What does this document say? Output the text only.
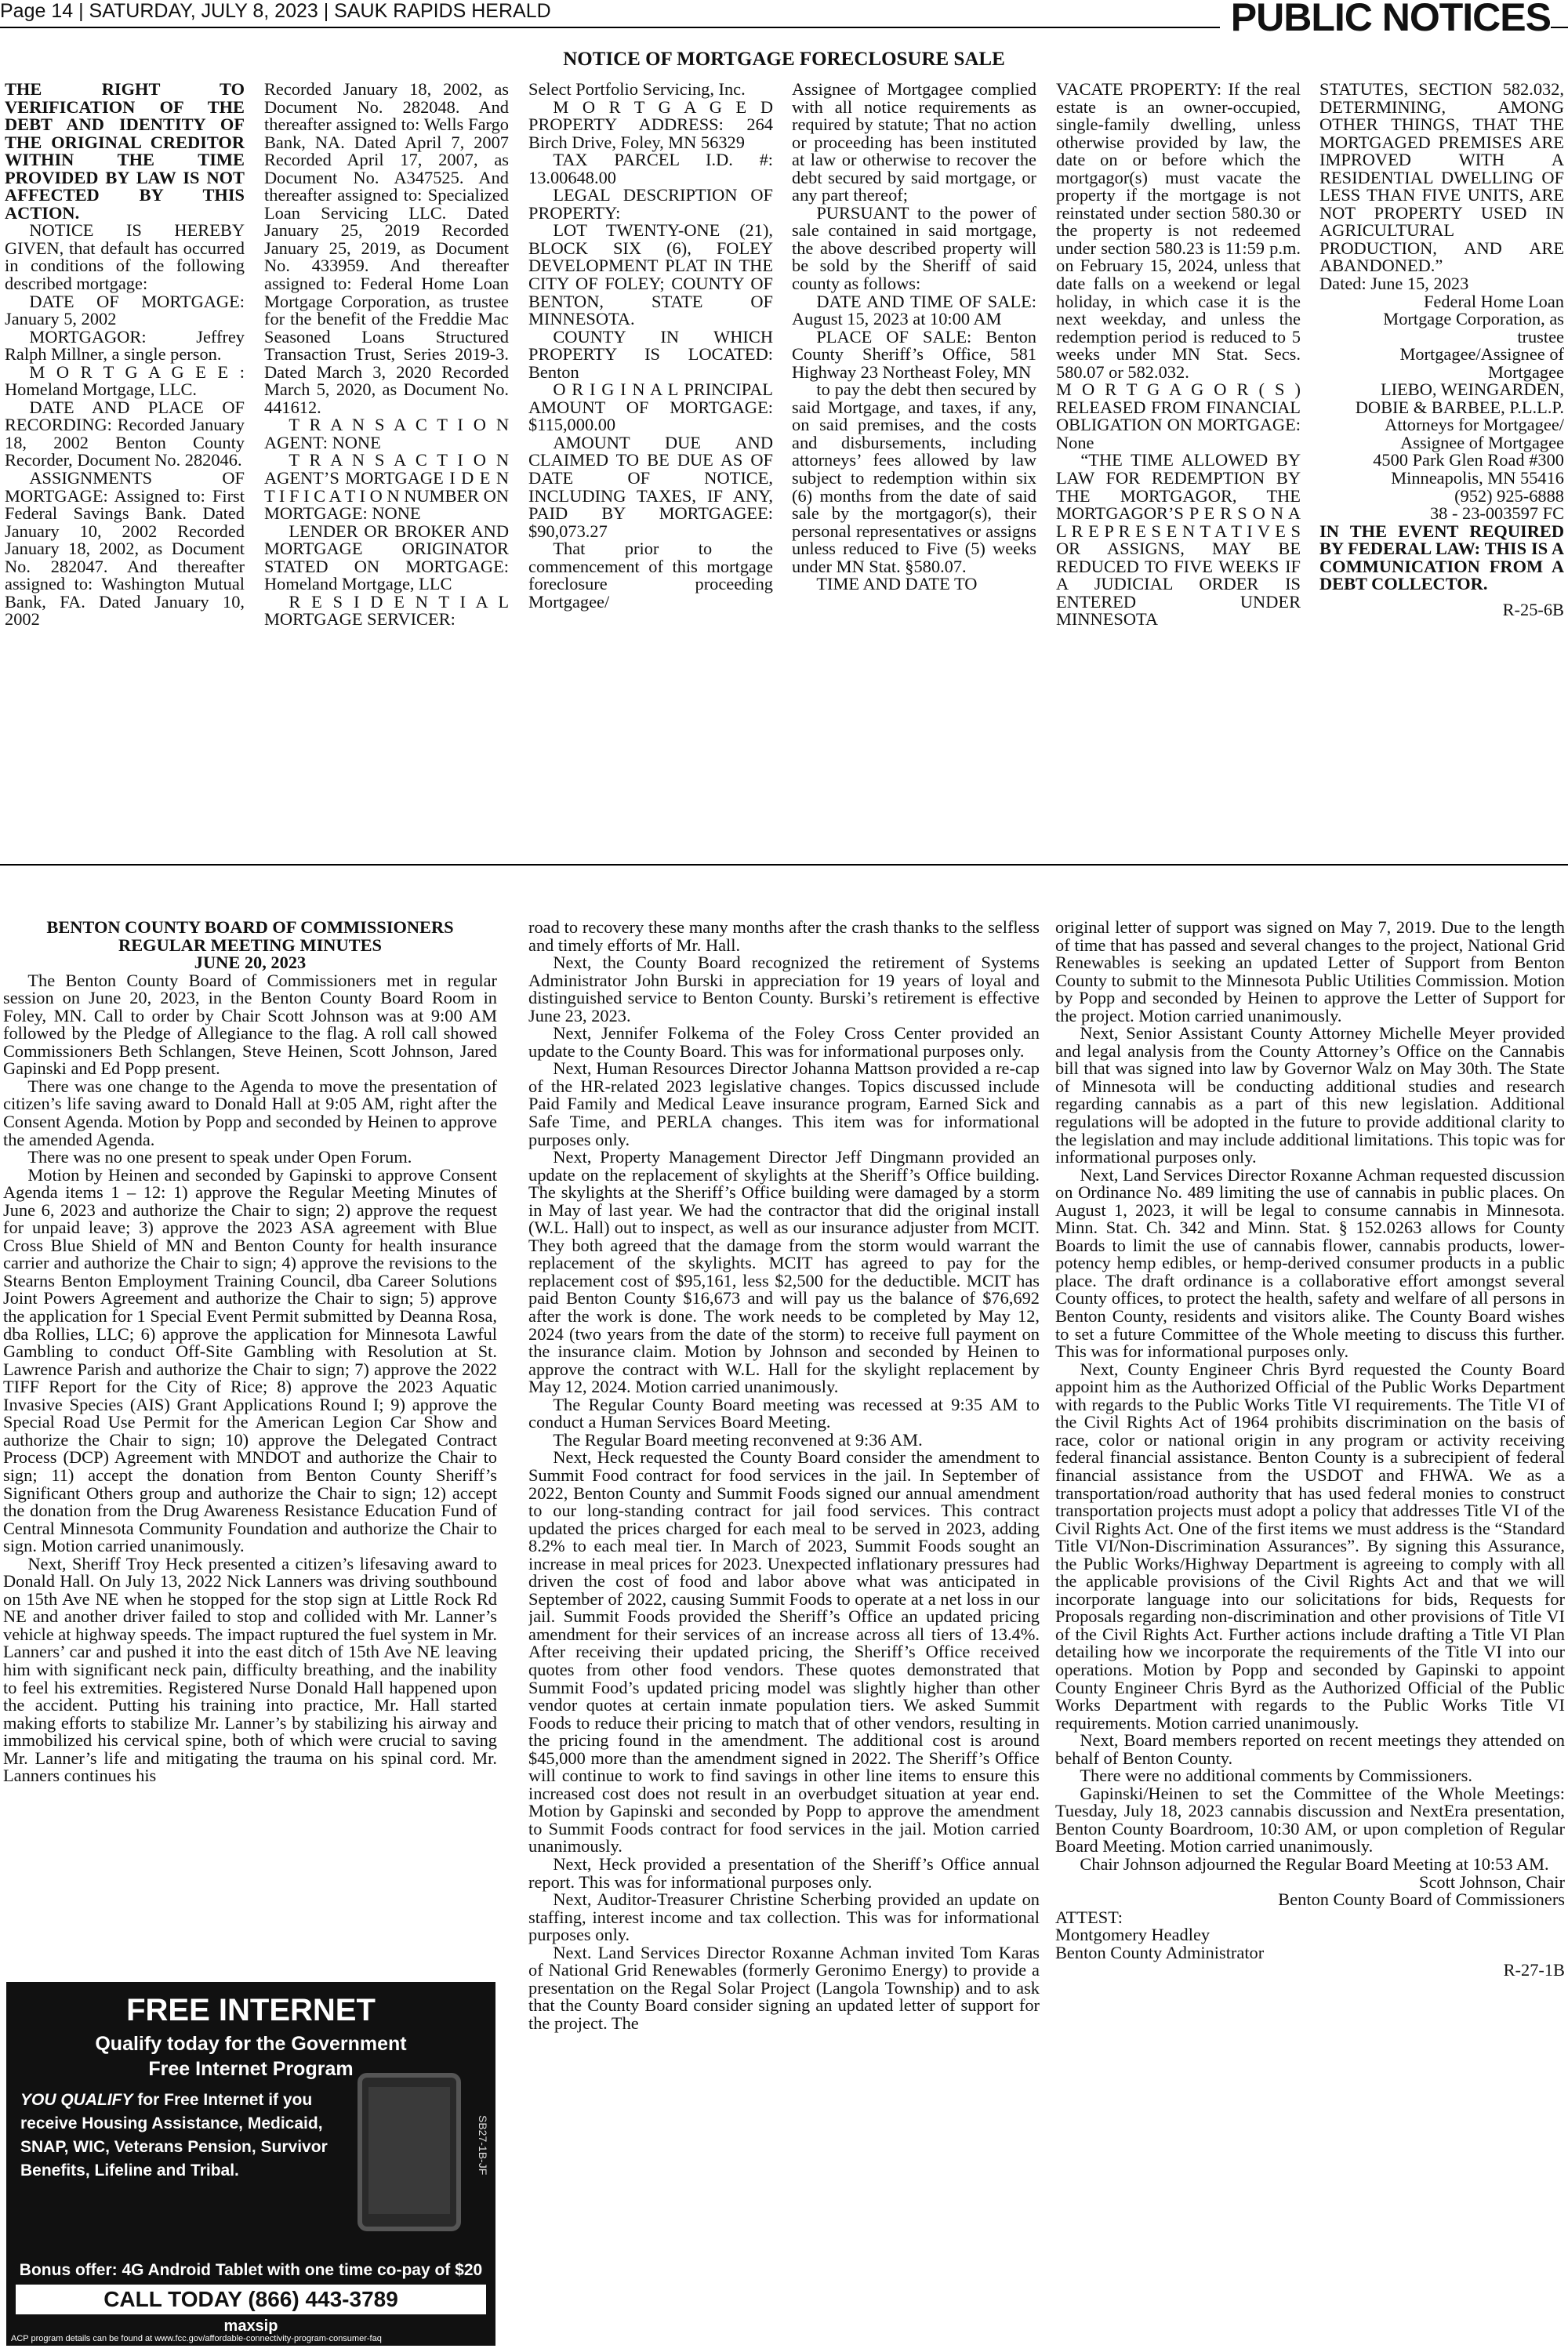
Page 14 | SATURDAY, JULY 8, 2023 | SAUK RAPIDS HERALD	PUBLIC NOTICES
NOTICE OF MORTGAGE FORECLOSURE SALE

THE RIGHT TO VERIFICATION OF THE DEBT AND IDENTITY OF THE ORIGINAL CREDITOR WITHIN THE TIME PROVIDED BY LAW IS NOT AFFECTED BY THIS ACTION.

NOTICE IS HEREBY GIVEN, that default has occurred in conditions of the following described mortgage:

DATE OF MORTGAGE: January 5, 2002

MORTGAGOR: Jeffrey Ralph Millner, a single person.

M O R T G A G E E : Homeland Mortgage, LLC.

DATE AND PLACE OF RECORDING: Recorded January 18, 2002 Benton County Recorder, Document No. 282046.

ASSIGNMENTS OF MORTGAGE: Assigned to: First Federal Savings Bank. Dated January 10, 2002 Recorded January 18, 2002, as Document No. 282047. And thereafter assigned to: Washington Mutual Bank, FA. Dated January 10, 2002

Recorded January 18, 2002, as Document No. 282048. And thereafter assigned to: Wells Fargo Bank, NA. Dated April 7, 2007 Recorded April 17, 2007, as Document No. A347525. And thereafter assigned to: Specialized Loan Servicing LLC. Dated January 25, 2019 Recorded January 25, 2019, as Document No. 433959. And thereafter assigned to: Federal Home Loan Mortgage Corporation, as trustee for the benefit of the Freddie Mac Seasoned Loans Structured Transaction Trust, Series 2019-3. Dated March 3, 2020 Recorded March 5, 2020, as Document No. 441612.

T R A N S A C T I O N AGENT: NONE

T R A N S A C T I O N AGENT’S MORTGAGE I D E N T I F I C A T I O N NUMBER ON MORTGAGE: NONE

LENDER OR BROKER AND MORTGAGE ORIGINATOR STATED ON MORTGAGE: Homeland Mortgage, LLC

R E S I D E N T I A L MORTGAGE SERVICER:

Select Portfolio Servicing, Inc.

M O R T G A G E D PROPERTY ADDRESS: 264 Birch Drive, Foley, MN 56329

TAX PARCEL I.D. #: 13.00648.00

LEGAL DESCRIPTION OF PROPERTY:

LOT TWENTY-ONE (21), BLOCK SIX (6), FOLEY DEVELOPMENT PLAT IN THE CITY OF FOLEY; COUNTY OF BENTON, STATE OF MINNESOTA.

COUNTY IN WHICH PROPERTY IS LOCATED: Benton

O R I G I N A L PRINCIPAL AMOUNT OF MORTGAGE: $115,000.00

AMOUNT DUE AND CLAIMED TO BE DUE AS OF DATE OF NOTICE, INCLUDING TAXES, IF ANY, PAID BY MORTGAGEE: $90,073.27

That prior to the commencement of this mortgage foreclosure proceeding Mortgagee/

Assignee of Mortgagee complied with all notice requirements as required by statute; That no action or proceeding has been instituted at law or otherwise to recover the debt secured by said mortgage, or any part thereof;

PURSUANT to the power of sale contained in said mortgage, the above described property will be sold by the Sheriff of said county as follows:

DATE AND TIME OF SALE: August 15, 2023 at 10:00 AM

PLACE OF SALE: Benton County Sheriff’s Office, 581 Highway 23 Northeast Foley, MN

to pay the debt then secured by said Mortgage, and taxes, if any, on said premises, and the costs and disbursements, including attorneys’ fees allowed by law subject to redemption within six (6) months from the date of said sale by the mortgagor(s), their personal representatives or assigns unless reduced to Five (5) weeks under MN Stat. §580.07.

TIME AND DATE TO

VACATE PROPERTY: If the real estate is an owner-occupied, single-family dwelling, unless otherwise provided by law, the date on or before which the mortgagor(s) must vacate the property if the mortgage is not reinstated under section 580.30 or the property is not redeemed under section 580.23 is 11:59 p.m. on February 15, 2024, unless that date falls on a weekend or legal holiday, in which case it is the next weekday, and unless the redemption period is reduced to 5 weeks under MN Stat. Secs. 580.07 or 582.032.

M O R T G A G O R ( S ) RELEASED FROM FINANCIAL OBLIGATION ON MORTGAGE: None

“THE TIME ALLOWED BY LAW FOR REDEMPTION BY THE MORTGAGOR, THE MORTGAGOR’S P E R S O N A L R E P R E S E N T A T I V E S OR ASSIGNS, MAY BE REDUCED TO FIVE WEEKS IF A JUDICIAL ORDER IS ENTERED UNDER MINNESOTA

STATUTES, SECTION 582.032, DETERMINING, AMONG OTHER THINGS, THAT THE MORTGAGED PREMISES ARE IMPROVED WITH A RESIDENTIAL DWELLING OF LESS THAN FIVE UNITS, ARE NOT PROPERTY USED IN AGRICULTURAL PRODUCTION, AND ARE ABANDONED.”

Dated: June 15, 2023

Federal Home Loan

Mortgage Corporation, as

trustee

Mortgagee/Assignee of

Mortgagee

LIEBO, WEINGARDEN,

DOBIE & BARBEE, P.L.L.P.

Attorneys for Mortgagee/

Assignee of Mortgagee

4500 Park Glen Road #300

Minneapolis, MN 55416

(952) 925-6888

38 - 23-003597 FC

IN THE EVENT REQUIRED BY FEDERAL LAW: THIS IS A COMMUNICATION FROM A DEBT COLLECTOR.

R-25-6B

BENTON COUNTY BOARD OF COMMISSIONERS
REGULAR MEETING MINUTES
JUNE 20, 2023

The Benton County Board of Commissioners met in regular session on June 20, 2023, in the Benton County Board Room in Foley, MN. Call to order by Chair Scott Johnson was at 9:00 AM followed by the Pledge of Allegiance to the flag. A roll call showed Commissioners Beth Schlangen, Steve Heinen, Scott Johnson, Jared Gapinski and Ed Popp present.

There was one change to the Agenda to move the presentation of citizen’s life saving award to Donald Hall at 9:05 AM, right after the Consent Agenda. Motion by Popp and seconded by Heinen to approve the amended Agenda.

There was no one present to speak under Open Forum.

Motion by Heinen and seconded by Gapinski to approve Consent Agenda items 1 – 12: 1) approve the Regular Meeting Minutes of June 6, 2023 and authorize the Chair to sign; 2) approve the request for unpaid leave; 3) approve the 2023 ASA agreement with Blue Cross Blue Shield of MN and Benton County for health insurance carrier and authorize the Chair to sign; 4) approve the revisions to the Stearns Benton Employment Training Council, dba Career Solutions Joint Powers Agreement and authorize the Chair to sign; 5) approve the application for 1 Special Event Permit submitted by Deanna Rosa, dba Rollies, LLC; 6) approve the application for Minnesota Lawful Gambling to conduct Off-Site Gambling with Resolution at St. Lawrence Parish and authorize the Chair to sign; 7) approve the 2022 TIFF Report for the City of Rice; 8) approve the 2023 Aquatic Invasive Species (AIS) Grant Applications Round I; 9) approve the Special Road Use Permit for the American Legion Car Show and authorize the Chair to sign; 10) approve the Delegated Contract Process (DCP) Agreement with MNDOT and authorize the Chair to sign; 11) accept the donation from Benton County Sheriff’s Significant Others group and authorize the Chair to sign; 12) accept the donation from the Drug Awareness Resistance Education Fund of Central Minnesota Community Foundation and authorize the Chair to sign. Motion carried unanimously.

Next, Sheriff Troy Heck presented a citizen’s lifesaving award to Donald Hall. On July 13, 2022 Nick Lanners was driving southbound on 15th Ave NE when he stopped for the stop sign at Little Rock Rd NE and another driver failed to stop and collided with Mr. Lanner’s vehicle at highway speeds. The impact ruptured the fuel system in Mr. Lanners’ car and pushed it into the east ditch of 15th Ave NE leaving him with significant neck pain, difficulty breathing, and the inability to feel his extremities. Registered Nurse Donald Hall happened upon the accident. Putting his training into practice, Mr. Hall started making efforts to stabilize Mr. Lanner’s by stabilizing his airway and immobilized his cervical spine, both of which were crucial to saving Mr. Lanner’s life and mitigating the trauma on his spinal cord. Mr. Lanners continues his

road to recovery these many months after the crash thanks to the selfless and timely efforts of Mr. Hall.

Next, the County Board recognized the retirement of Systems Administrator John Burski in appreciation for 19 years of loyal and distinguished service to Benton County. Burski’s retirement is effective June 23, 2023.

Next, Jennifer Folkema of the Foley Cross Center provided an update to the County Board. This was for informational purposes only.

Next, Human Resources Director Johanna Mattson provided a re-cap of the HR-related 2023 legislative changes. Topics discussed include Paid Family and Medical Leave insurance program, Earned Sick and Safe Time, and PERLA changes. This item was for informational purposes only.

Next, Property Management Director Jeff Dingmann provided an update on the replacement of skylights at the Sheriff’s Office building. The skylights at the Sheriff’s Office building were damaged by a storm in May of last year. We had the contractor that did the original install (W.L. Hall) out to inspect, as well as our insurance adjuster from MCIT. They both agreed that the damage from the storm would warrant the replacement of the skylights. MCIT has agreed to pay for the replacement cost of $95,161, less $2,500 for the deductible. MCIT has paid Benton County $16,673 and will pay us the balance of $76,692 after the work is done. The work needs to be completed by May 12, 2024 (two years from the date of the storm) to receive full payment on the insurance claim. Motion by Johnson and seconded by Heinen to approve the contract with W.L. Hall for the skylight replacement by May 12, 2024. Motion carried unanimously.

The Regular County Board meeting was recessed at 9:35 AM to conduct a Human Services Board Meeting.

The Regular Board meeting reconvened at 9:36 AM.

Next, Heck requested the County Board consider the amendment to Summit Food contract for food services in the jail. In September of 2022, Benton County and Summit Foods signed our annual amendment to our long-standing contract for jail food services. This contract updated the prices charged for each meal to be served in 2023, adding 8.2% to each meal tier. In March of 2023, Summit Foods sought an increase in meal prices for 2023. Unexpected inflationary pressures had driven the cost of food and labor above what was anticipated in September of 2022, causing Summit Foods to operate at a net loss in our jail. Summit Foods provided the Sheriff’s Office an updated pricing amendment for their services of an increase across all tiers of 13.4%. After receiving their updated pricing, the Sheriff’s Office received quotes from other food vendors. These quotes demonstrated that Summit Food’s updated pricing model was slightly higher than other vendor quotes at certain inmate population tiers. We asked Summit Foods to reduce their pricing to match that of other vendors, resulting in the pricing found in the amendment. The additional cost is around $45,000 more than the amendment signed in 2022. The Sheriff’s Office will continue to work to find savings in other line items to ensure this increased cost does not result in an overbudget situation at year end. Motion by Gapinski and seconded by Popp to approve the amendment to Summit Foods contract for food services in the jail. Motion carried unanimously.

Next, Heck provided a presentation of the Sheriff’s Office annual report. This was for informational purposes only.

Next, Auditor-Treasurer Christine Scherbing provided an update on staffing, interest income and tax collection. This was for informational purposes only.

Next. Land Services Director Roxanne Achman invited Tom Karas of National Grid Renewables (formerly Geronimo Energy) to provide a presentation on the Regal Solar Project (Langola Township) and to ask that the County Board consider signing an updated letter of support for the project. The

original letter of support was signed on May 7, 2019. Due to the length of time that has passed and several changes to the project, National Grid Renewables is seeking an updated Letter of Support from Benton County to submit to the Minnesota Public Utilities Commission. Motion by Popp and seconded by Heinen to approve the Letter of Support for the project. Motion carried unanimously.

Next, Senior Assistant County Attorney Michelle Meyer provided and legal analysis from the County Attorney’s Office on the Cannabis bill that was signed into law by Governor Walz on May 30th. The State of Minnesota will be conducting additional studies and research regarding cannabis as a part of this new legislation. Additional regulations will be adopted in the future to provide additional clarity to the legislation and may include additional limitations. This topic was for informational purposes only.

Next, Land Services Director Roxanne Achman requested discussion on Ordinance No. 489 limiting the use of cannabis in public places. On August 1, 2023, it will be legal to consume cannabis in Minnesota. Minn. Stat. Ch. 342 and Minn. Stat. § 152.0263 allows for County Boards to limit the use of cannabis flower, cannabis products, lower-potency hemp edibles, or hemp-derived consumer products in a public place. The draft ordinance is a collaborative effort amongst several County offices, to protect the health, safety and welfare of all persons in Benton County, residents and visitors alike. The County Board wishes to set a future Committee of the Whole meeting to discuss this further. This was for informational purposes only.

Next, County Engineer Chris Byrd requested the County Board appoint him as the Authorized Official of the Public Works Department with regards to the Public Works Title VI requirements. The Title VI of the Civil Rights Act of 1964 prohibits discrimination on the basis of race, color or national origin in any program or activity receiving federal financial assistance. Benton County is a subrecipient of federal financial assistance from the USDOT and FHWA. We as a transportation/road authority that has used federal monies to construct transportation projects must adopt a policy that addresses Title VI of the Civil Rights Act. One of the first items we must address is the “Standard Title VI/Non-Discrimination Assurances”. By signing this Assurance, the Public Works/Highway Department is agreeing to comply with all the applicable provisions of the Civil Rights Act and that we will incorporate language into our solicitations for bids, Requests for Proposals regarding non-discrimination and other provisions of Title VI of the Civil Rights Act. Further actions include drafting a Title VI Plan detailing how we incorporate the requirements of the Title VI into our operations. Motion by Popp and seconded by Gapinski to appoint County Engineer Chris Byrd as the Authorized Official of the Public Works Department with regards to the Public Works Title VI requirements. Motion carried unanimously.

Next, Board members reported on recent meetings they attended on behalf of Benton County.

There were no additional comments by Commissioners.

Gapinski/Heinen to set the Committee of the Whole Meetings: Tuesday, July 18, 2023 cannabis discussion and NextEra presentation, Benton County Boardroom, 10:30 AM, or upon completion of Regular Board Meeting. Motion carried unanimously.

Chair Johnson adjourned the Regular Board Meeting at 10:53 AM.

Scott Johnson, Chair

Benton County Board of Commissioners

ATTEST:

Montgomery Headley

Benton County Administrator

R-27-1B

FREE INTERNET
Qualify today for the Government
Free Internet Program
YOU QUALIFY for Free Internet if you receive Housing Assistance, Medicaid, SNAP, WIC, Veterans Pension, Survivor Benefits, Lifeline and Tribal.	SB27-1B-JF
Bonus offer: 4G Android Tablet with one time co-pay of $20
CALL TODAY (866) 443-3789
maxsip
ACP program details can be found at www.fcc.gov/affordable-connectivity-program-consumer-faq
